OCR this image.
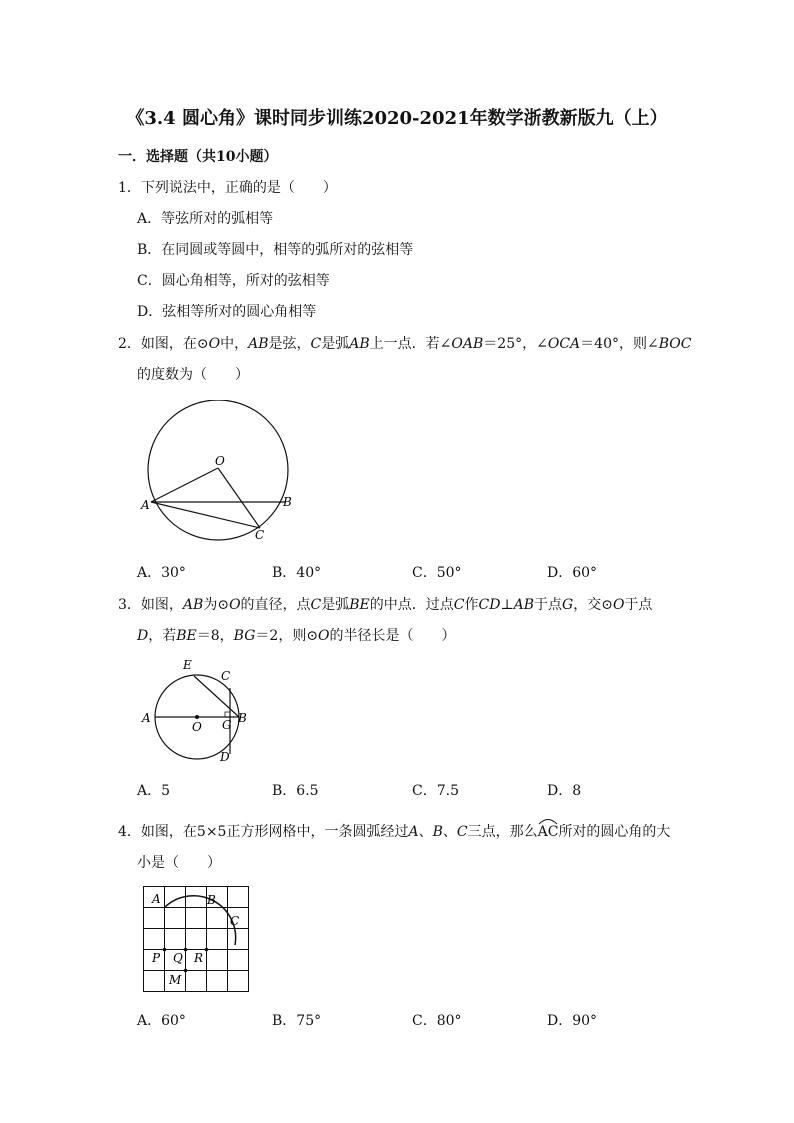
《3.4 圆心角》课时同步训练2020-2021年数学浙教新版九（上）
一．选择题（共10小题）
1．下列说法中，正确的是（　　）
A．等弦所对的弧相等
B．在同圆或等圆中，相等的弧所对的弦相等
C．圆心角相等，所对的弦相等
D．弦相等所对的圆心角相等
2．如图，在⊙O中，AB是弦，C是弧AB上一点．若∠OAB＝25°，∠OCA＝40°，则∠BOC
的度数为（　　）
O
A	B
C
A．30°	B．40°	C．50°	D．60°
3．如图，AB为⊙O的直径，点C是弧BE的中点．过点C作CD⊥AB于点G，交⊙O于点
D，若BE＝8，BG＝2，则⊙O的半径长是（　　）
E
C
A
O G B
D
A．5	B．6.5	C．7.5	D．8
4．如图，在5×5正方形网格中，一条圆弧经过A、B、C三点，那么
AC所对的圆心角的大
小是（　　）
A	B
C
P Q R
M
A．60°	B．75°	C．80°	D．90°
